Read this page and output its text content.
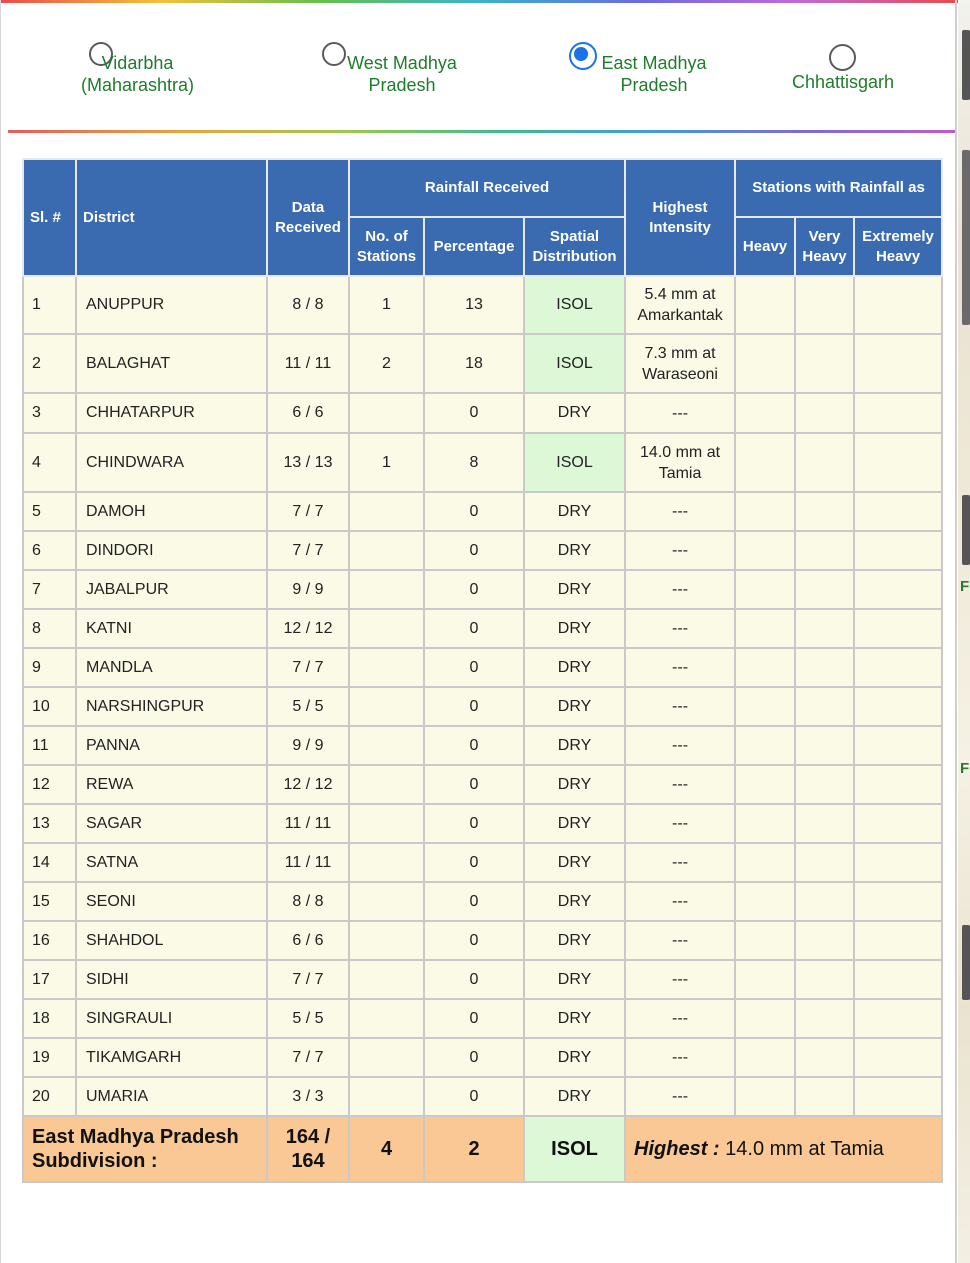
F
F
Vidarbha
(Maharashtra)
West Madhya
Pradesh
East Madhya
Pradesh	Chhattisgarh
Sl. #	District	Data Received	Rainfall Received			Highest Intensity	Stations with Rainfall as		
			No. of Stations	Percentage	Spatial Distribution		Heavy	Very Heavy	Extremely Heavy
1	ANUPPUR	8 / 8	1	13	ISOL	5.4 mm at Amarkantak			
2	BALAGHAT	11 / 11	2	18	ISOL	7.3 mm at Waraseoni			
3	CHHATARPUR	6 / 6		0	DRY	---			
4	CHINDWARA	13 / 13	1	8	ISOL	14.0 mm at Tamia			
5	DAMOH	7 / 7		0	DRY	---			
6	DINDORI	7 / 7		0	DRY	---			
7	JABALPUR	9 / 9		0	DRY	---			
8	KATNI	12 / 12		0	DRY	---			
9	MANDLA	7 / 7		0	DRY	---			
10	NARSHINGPUR	5 / 5		0	DRY	---			
11	PANNA	9 / 9		0	DRY	---			
12	REWA	12 / 12		0	DRY	---			
13	SAGAR	11 / 11		0	DRY	---			
14	SATNA	11 / 11		0	DRY	---			
15	SEONI	8 / 8		0	DRY	---			
16	SHAHDOL	6 / 6		0	DRY	---			
17	SIDHI	7 / 7		0	DRY	---			
18	SINGRAULI	5 / 5		0	DRY	---			
19	TIKAMGARH	7 / 7		0	DRY	---			
20	UMARIA	3 / 3		0	DRY	---			
East Madhya Pradesh Subdivision :		164 / 164	4	2	ISOL	Highest : 14.0 mm at Tamia			
